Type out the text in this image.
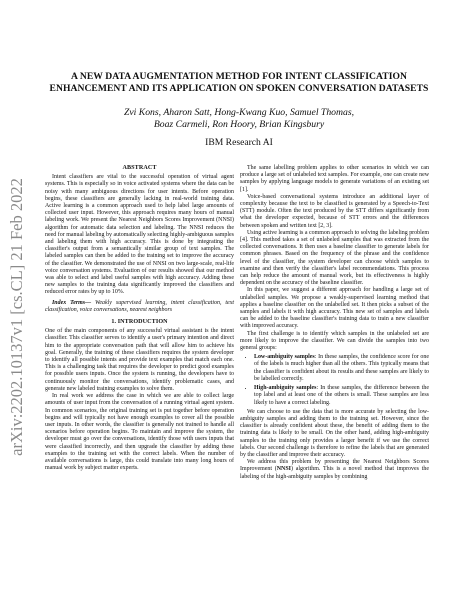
arXiv:2202.10137v1 [cs.CL] 21 Feb 2022
A NEW DATA AUGMENTATION METHOD FOR INTENT CLASSIFICATION
ENHANCEMENT AND ITS APPLICATION ON SPOKEN CONVERSATION DATASETS
Zvi Kons, Aharon Satt, Hong-Kwang Kuo, Samuel Thomas,
Boaz Carmeli, Ron Hoory, Brian Kingsbury
IBM Research AI
ABSTRACT

Intent classifiers are vital to the successful operation of virtual agent systems. This is especially so in voice activated systems where the data can be noisy with many ambiguous directions for user intents. Before operation begins, these classifiers are generally lacking in real-world training data. Active learning is a common approach used to help label large amounts of collected user input. However, this approach requires many hours of manual labeling work. We present the Nearest Neighbors Scores Improvement (NNSI) algorithm for automatic data selection and labeling. The NNSI reduces the need for manual labeling by automatically selecting highly-ambiguous samples and labeling them with high accuracy. This is done by integrating the classifier's output from a semantically similar group of text samples. The labeled samples can then be added to the training set to improve the accuracy of the classifier. We demonstrated the use of NNSI on two large-scale, real-life voice conversation systems. Evaluation of our results showed that our method was able to select and label useful samples with high accuracy. Adding these new samples to the training data significantly improved the classifiers and reduced error rates by up to 10%.

Index Terms— Weakly supervised learning, intent classification, text classification, voice conversations, nearest neighbors

1. INTRODUCTION

One of the main components of any successful virtual assistant is the intent classifier. This classifier serves to identify a user's primary intention and direct him to the appropriate conversation path that will allow him to achieve his goal. Generally, the training of these classifiers requires the system developer to identify all possible intents and provide text examples that match each one. This is a challenging task that requires the developer to predict good examples for possible users inputs. Once the system is running, the developers have to continuously monitor the conversations, identify problematic cases, and generate new labeled training examples to solve them.

In real work we address the case in which we are able to collect large amounts of user input from the conversation of a running virtual agent system. In common scenarios, the original training set is put together before operation begins and will typically not have enough examples to cover all the possible user inputs. In other words, the classifier is generally not trained to handle all scenarios before operation begins. To maintain and improve the system, the developer must go over the conversations, identify those with users inputs that were classified incorrectly, and then upgrade the classifier by adding these examples to the training set with the correct labels. When the number of available conversations is large, this could translate into many long hours of manual work by subject matter experts.

The same labelling problem applies to other scenarios in which we can produce a large set of unlabeled text samples. For example, one can create new samples by applying language models to generate variations of an existing set [1].

Voice-based conversational systems introduce an additional layer of complexity because the text to be classified is generated by a Speech-to-Text (STT) module. Often the text produced by the STT differs significantly from what the developer expected, because of STT errors and the differences between spoken and written text [2, 3].

Using active learning is a common approach to solving the labeling problem [4]. This method takes a set of unlabeled samples that was extracted from the collected conversations. It then uses a baseline classifier to generate labels for common phrases. Based on the frequency of the phrase and the confidence level of the classifier, the system developer can choose which samples to examine and then verify the classifier's label recommendations. This process can help reduce the amount of manual work, but its effectiveness is highly dependent on the accuracy of the baseline classifier.

In this paper, we suggest a different approach for handling a large set of unlabelled samples. We propose a weakly-supervised learning method that applies a baseline classifier on the unlabelled set. It then picks a subset of the samples and labels it with high accuracy. This new set of samples and labels can be added to the baseline classifier's training data to train a new classifier with improved accuracy.

The first challenge is to identify which samples in the unlabeled set are more likely to improve the classifier. We can divide the samples into two general groups:

• Low-ambiguity samples: In these samples, the confidence score for one of the labels is much higher than all the others. This typically means that the classifier is confident about its results and these samples are likely to be labelled correctly.
• High-ambiguity samples: In these samples, the difference between the top label and at least one of the others is small. These samples are less likely to have a correct labeling.

We can choose to use the data that is more accurate by selecting the low-ambiguity samples and adding them to the training set. However, since the classifier is already confident about these, the benefit of adding them to the training data is likely to be small. On the other hand, adding high-ambiguity samples to the training only provides a larger benefit if we use the correct labels. Our second challenge is therefore to refine the labels that are generated by the classifier and improve their accuracy.

We address this problem by presenting the Nearest Neighbors Scores Improvement (NNSI) algorithm. This is a novel method that improves the labeling of the high-ambiguity samples by combining
